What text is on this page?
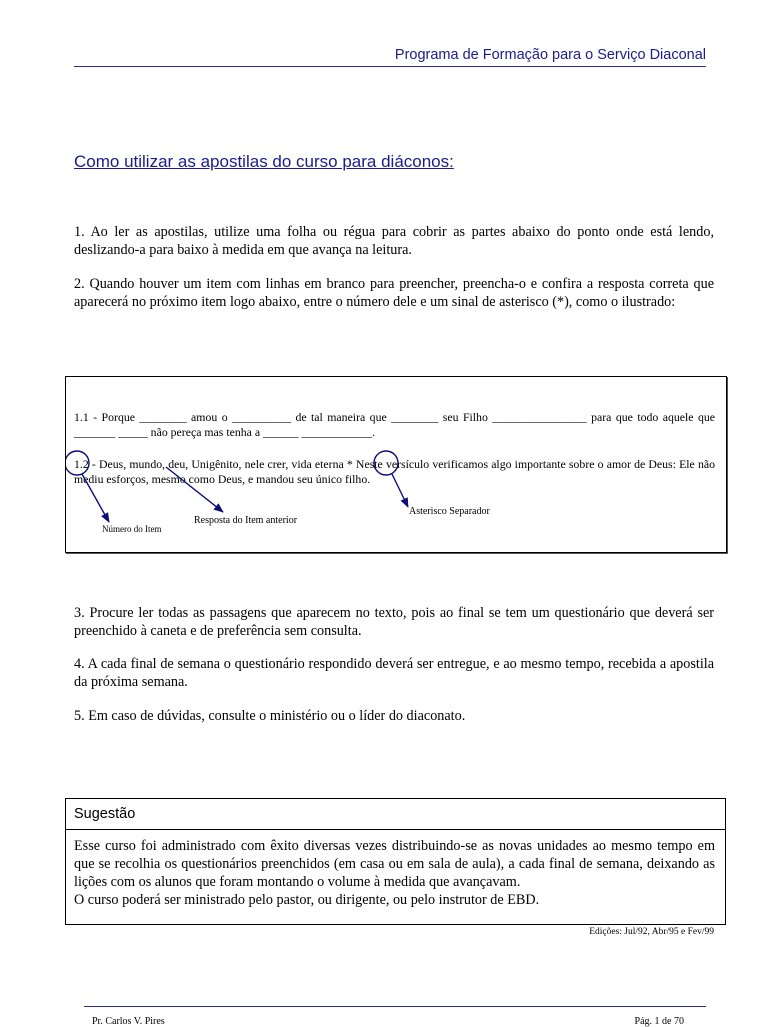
Programa de Formação para o Serviço Diaconal
Como utilizar as apostilas do curso para diáconos:
1. Ao ler as apostilas, utilize uma folha ou régua para cobrir as partes abaixo do ponto onde está lendo, deslizando-a para baixo à medida em que avança na leitura.
2. Quando houver um item com linhas em branco para preencher, preencha-o e confira a resposta correta que aparecerá no próximo item logo abaixo, entre o número dele e um sinal de asterisco (*), como o ilustrado:
1.1 - Porque ________ amou o __________ de tal maneira que ________ seu Filho ________________ para que todo aquele que _______ _____ não pereça mas tenha a ______ ____________.
1.2 - Deus, mundo, deu, Unigênito, nele crer, vida eterna * Neste versículo verificamos algo importante sobre o amor de Deus: Ele não mediu esforços, mesmo como Deus, e mandou seu único filho.
Número do Item
Resposta do Item anterior
Asterisco Separador
3. Procure ler todas as passagens que aparecem no texto, pois ao final se tem um questionário que deverá ser preenchido à caneta e de preferência sem consulta.
4. A cada final de semana o questionário respondido deverá ser entregue, e ao mesmo tempo, recebida a apostila da próxima semana.
5. Em caso de dúvidas, consulte o ministério ou o líder do diaconato.
Sugestão
Esse curso foi administrado com êxito diversas vezes distribuindo-se as novas unidades ao mesmo tempo em que se recolhia os questionários preenchidos (em casa ou em sala de aula), a cada final de semana, deixando as lições com os alunos que foram montando o volume à medida que avançavam.
O curso poderá ser ministrado pelo pastor, ou dirigente, ou pelo instrutor de EBD.
Edições: Jul/92, Abr/95 e Fev/99
Pr. Carlos V. Pires	Pág. 1 de 70
